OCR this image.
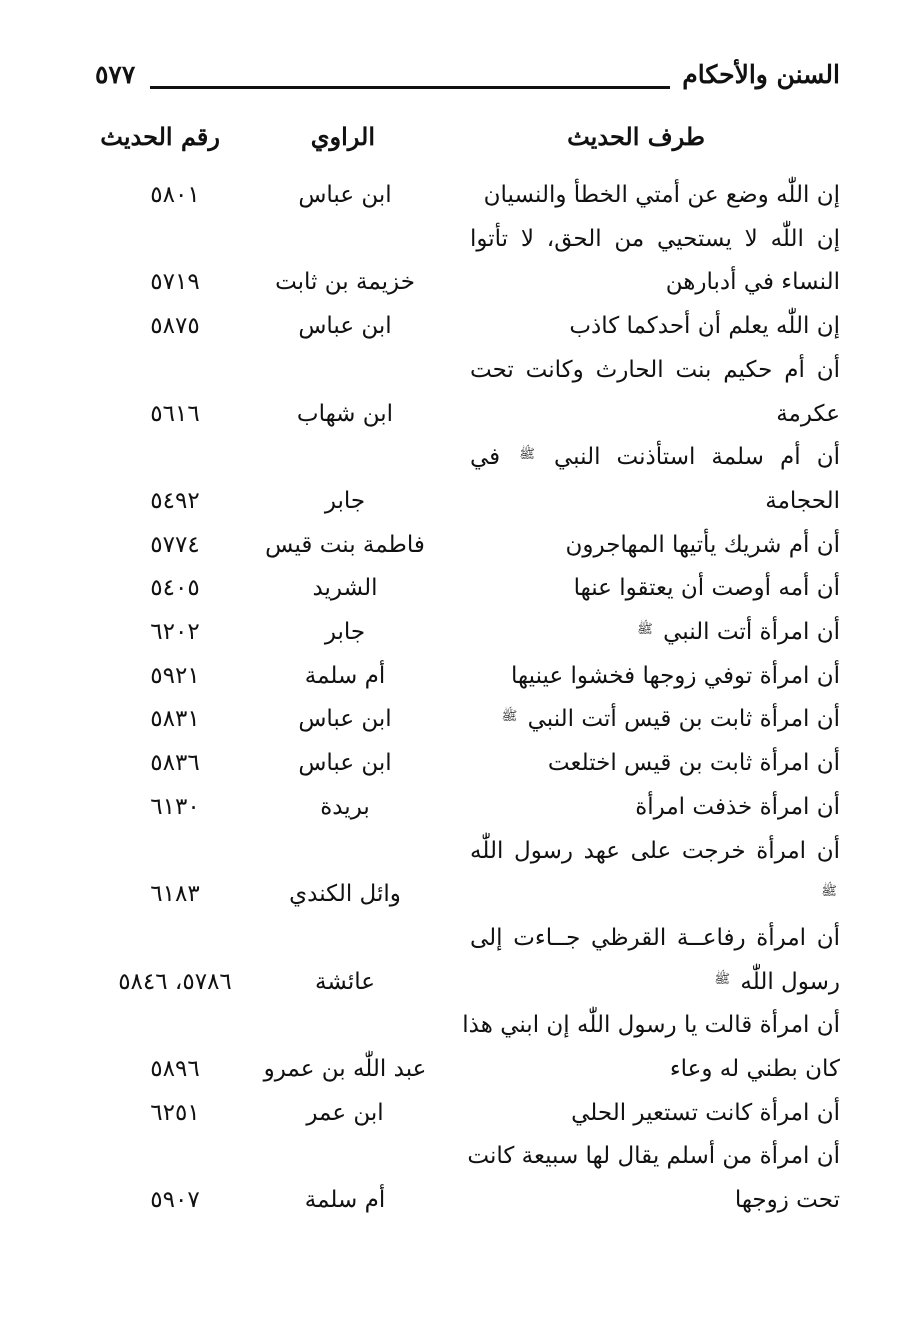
السنن والأحكام
٥٧٧
طرف الحديث
الراوي
رقم الحديث
إن اللّٰه وضع عن أمتي الخطأ والنسيان
ابن عباس
٥٨٠١
إن اللّٰه لا يستحيي من الحق، لا تأتوا
النساء في أدبارهن
خزيمة بن ثابت
٥٧١٩
إن اللّٰه يعلم أن أحدكما كاذب
ابن عباس
٥٨٧٥
أن أم حكيم بنت الحارث وكانت تحت
عكرمة
ابن شهاب
٥٦١٦
أن أم سلمة استأذنت النبي $^ﷺ$ في
الحجامة
جابر
٥٤٩٢
أن أم شريك يأتيها المهاجرون
فاطمة بنت قيس
٥٧٧٤
أن أمه أوصت أن يعتقوا عنها
الشريد
٥٤٠٥
أن امرأة أتت النبي $^ﷺ$
جابر
٦٢٠٢
أن امرأة توفي زوجها فخشوا عينيها
أم سلمة
٥٩٢١
أن امرأة ثابت بن قيس أتت النبي $^ﷺ$
ابن عباس
٥٨٣١
أن امرأة ثابت بن قيس اختلعت
ابن عباس
٥٨٣٦
أن امرأة خذفت امرأة
بريدة
٦١٣٠
أن امرأة خرجت على عهد رسول اللّٰه
$^ﷺ$
وائل الكندي
٦١٨٣
أن امرأة رفاعــة القرظي جــاءت إلى
رسول اللّٰه $^ﷺ$
عائشة
٥٧٨٦، ٥٨٤٦
أن امرأة قالت يا رسول اللّٰه إن ابني هذا
كان بطني له وعاء
عبد اللّٰه بن عمرو
٥٨٩٦
أن امرأة كانت تستعير الحلي
ابن عمر
٦٢٥١
أن امرأة من أسلم يقال لها سبيعة كانت
تحت زوجها
أم سلمة
٥٩٠٧
